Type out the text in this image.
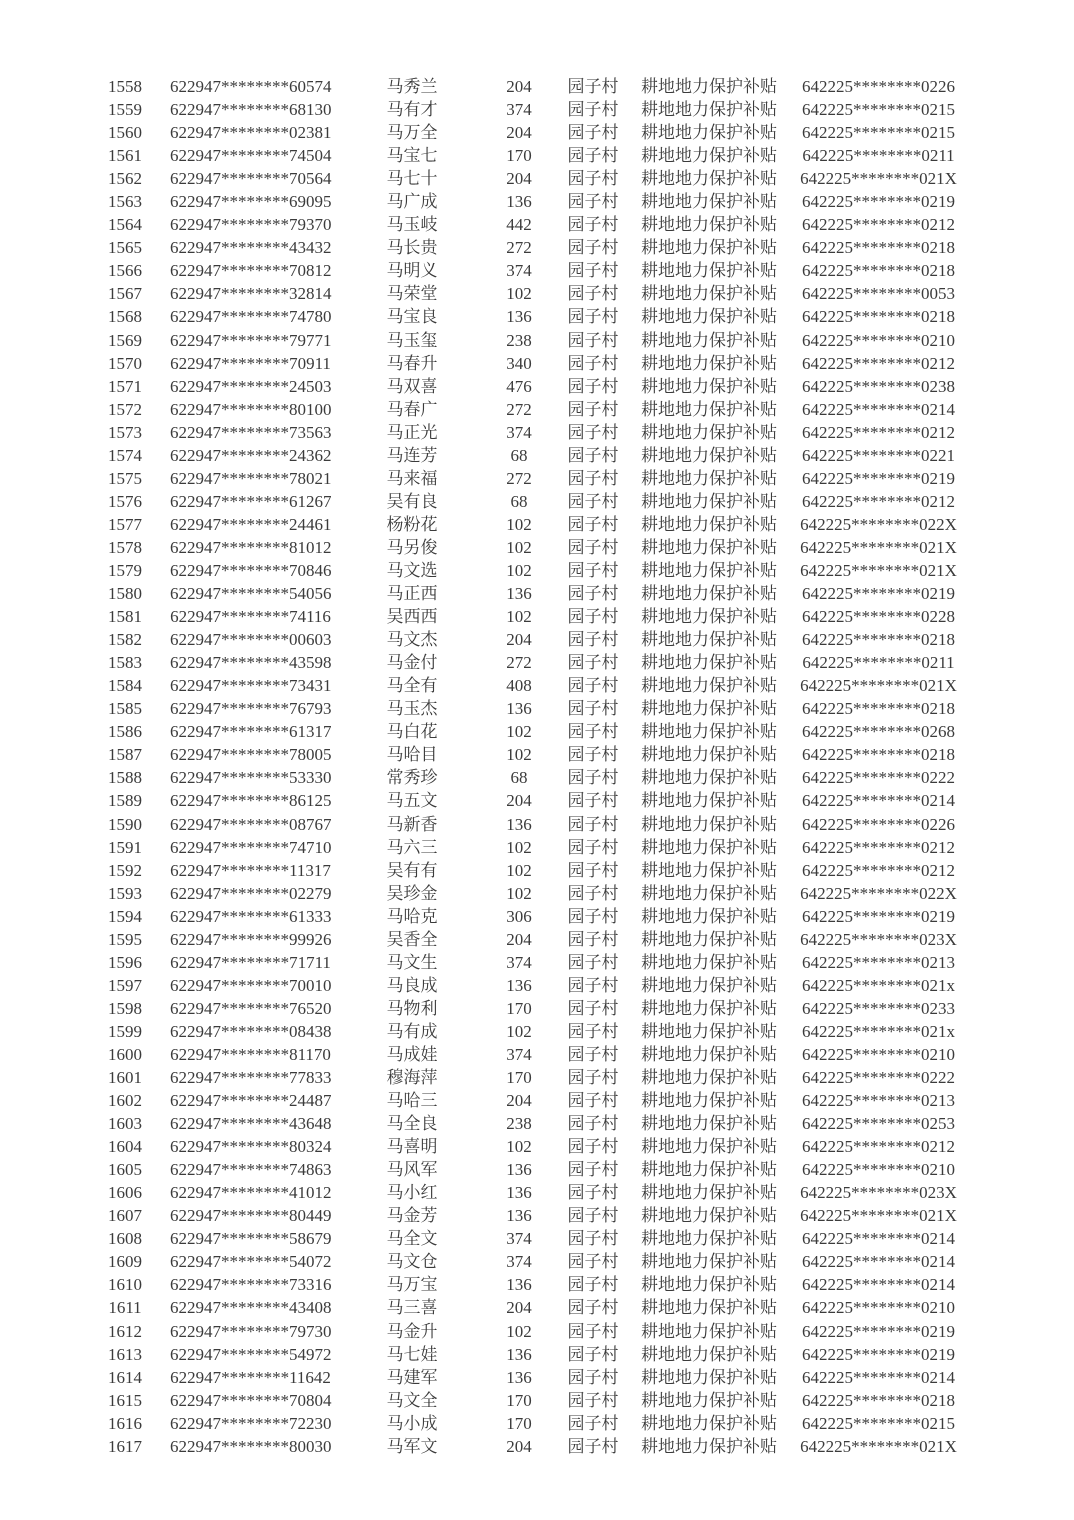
1558	622947********60574	马秀兰	204	园子村	耕地地力保护补贴	642225********0226
1559	622947********68130	马有才	374	园子村	耕地地力保护补贴	642225********0215
1560	622947********02381	马万全	204	园子村	耕地地力保护补贴	642225********0215
1561	622947********74504	马宝七	170	园子村	耕地地力保护补贴	642225********0211
1562	622947********70564	马七十	204	园子村	耕地地力保护补贴	642225********021X
1563	622947********69095	马广成	136	园子村	耕地地力保护补贴	642225********0219
1564	622947********79370	马玉岐	442	园子村	耕地地力保护补贴	642225********0212
1565	622947********43432	马长贵	272	园子村	耕地地力保护补贴	642225********0218
1566	622947********70812	马明义	374	园子村	耕地地力保护补贴	642225********0218
1567	622947********32814	马荣堂	102	园子村	耕地地力保护补贴	642225********0053
1568	622947********74780	马宝良	136	园子村	耕地地力保护补贴	642225********0218
1569	622947********79771	马玉玺	238	园子村	耕地地力保护补贴	642225********0210
1570	622947********70911	马春升	340	园子村	耕地地力保护补贴	642225********0212
1571	622947********24503	马双喜	476	园子村	耕地地力保护补贴	642225********0238
1572	622947********80100	马春广	272	园子村	耕地地力保护补贴	642225********0214
1573	622947********73563	马正光	374	园子村	耕地地力保护补贴	642225********0212
1574	622947********24362	马连芳	68	园子村	耕地地力保护补贴	642225********0221
1575	622947********78021	马来福	272	园子村	耕地地力保护补贴	642225********0219
1576	622947********61267	吴有良	68	园子村	耕地地力保护补贴	642225********0212
1577	622947********24461	杨粉花	102	园子村	耕地地力保护补贴	642225********022X
1578	622947********81012	马另俊	102	园子村	耕地地力保护补贴	642225********021X
1579	622947********70846	马文选	102	园子村	耕地地力保护补贴	642225********021X
1580	622947********54056	马正西	136	园子村	耕地地力保护补贴	642225********0219
1581	622947********74116	吴西西	102	园子村	耕地地力保护补贴	642225********0228
1582	622947********00603	马文杰	204	园子村	耕地地力保护补贴	642225********0218
1583	622947********43598	马金付	272	园子村	耕地地力保护补贴	642225********0211
1584	622947********73431	马全有	408	园子村	耕地地力保护补贴	642225********021X
1585	622947********76793	马玉杰	136	园子村	耕地地力保护补贴	642225********0218
1586	622947********61317	马白花	102	园子村	耕地地力保护补贴	642225********0268
1587	622947********78005	马哈目	102	园子村	耕地地力保护补贴	642225********0218
1588	622947********53330	常秀珍	68	园子村	耕地地力保护补贴	642225********0222
1589	622947********86125	马五文	204	园子村	耕地地力保护补贴	642225********0214
1590	622947********08767	马新香	136	园子村	耕地地力保护补贴	642225********0226
1591	622947********74710	马六三	102	园子村	耕地地力保护补贴	642225********0212
1592	622947********11317	吴有有	102	园子村	耕地地力保护补贴	642225********0212
1593	622947********02279	吴珍金	102	园子村	耕地地力保护补贴	642225********022X
1594	622947********61333	马哈克	306	园子村	耕地地力保护补贴	642225********0219
1595	622947********99926	吴香全	204	园子村	耕地地力保护补贴	642225********023X
1596	622947********71711	马文生	374	园子村	耕地地力保护补贴	642225********0213
1597	622947********70010	马良成	136	园子村	耕地地力保护补贴	642225********021x
1598	622947********76520	马物利	170	园子村	耕地地力保护补贴	642225********0233
1599	622947********08438	马有成	102	园子村	耕地地力保护补贴	642225********021x
1600	622947********81170	马成娃	374	园子村	耕地地力保护补贴	642225********0210
1601	622947********77833	穆海萍	170	园子村	耕地地力保护补贴	642225********0222
1602	622947********24487	马哈三	204	园子村	耕地地力保护补贴	642225********0213
1603	622947********43648	马全良	238	园子村	耕地地力保护补贴	642225********0253
1604	622947********80324	马喜明	102	园子村	耕地地力保护补贴	642225********0212
1605	622947********74863	马风军	136	园子村	耕地地力保护补贴	642225********0210
1606	622947********41012	马小红	136	园子村	耕地地力保护补贴	642225********023X
1607	622947********80449	马金芳	136	园子村	耕地地力保护补贴	642225********021X
1608	622947********58679	马全文	374	园子村	耕地地力保护补贴	642225********0214
1609	622947********54072	马文仓	374	园子村	耕地地力保护补贴	642225********0214
1610	622947********73316	马万宝	136	园子村	耕地地力保护补贴	642225********0214
1611	622947********43408	马三喜	204	园子村	耕地地力保护补贴	642225********0210
1612	622947********79730	马金升	102	园子村	耕地地力保护补贴	642225********0219
1613	622947********54972	马七娃	136	园子村	耕地地力保护补贴	642225********0219
1614	622947********11642	马建军	136	园子村	耕地地力保护补贴	642225********0214
1615	622947********70804	马文全	170	园子村	耕地地力保护补贴	642225********0218
1616	622947********72230	马小成	170	园子村	耕地地力保护补贴	642225********0215
1617	622947********80030	马军文	204	园子村	耕地地力保护补贴	642225********021X
